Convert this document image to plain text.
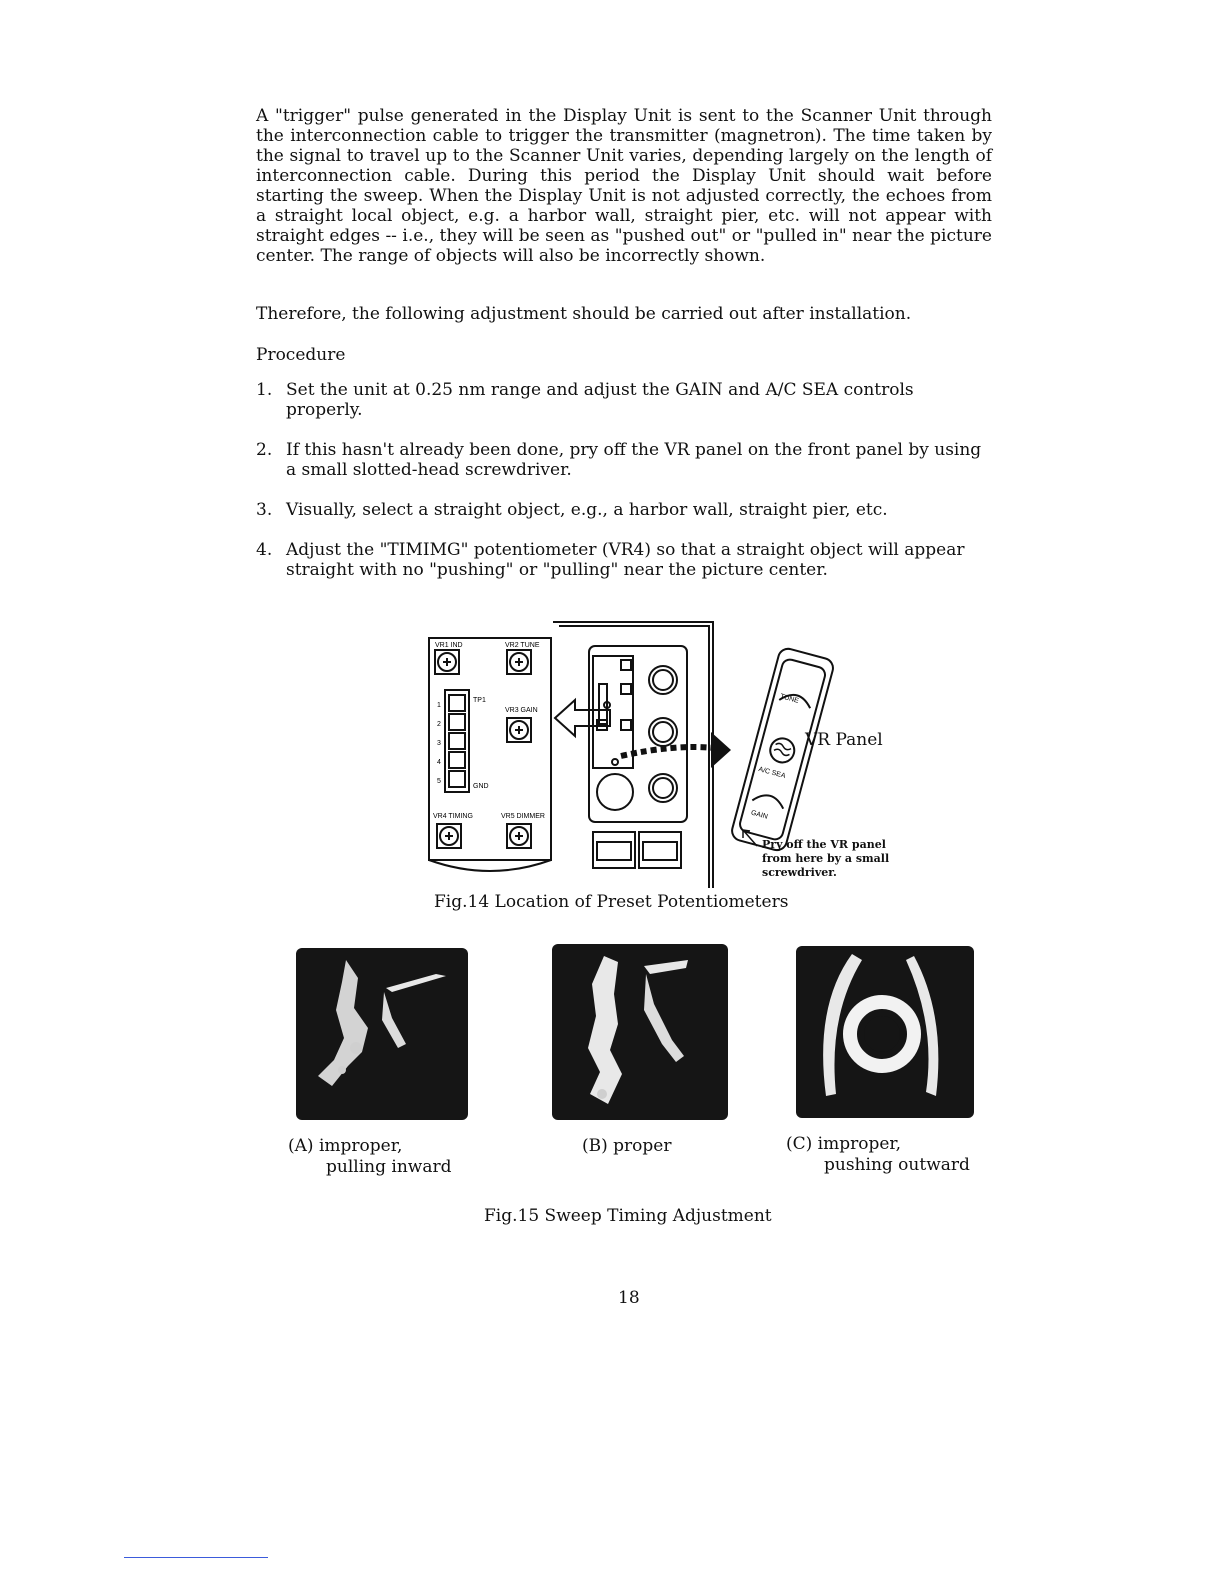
A "trigger" pulse generated in the Display Unit is sent to the Scanner Unit through the interconnection cable to trigger the transmitter (magnetron). The time taken by the signal to travel up to the Scanner Unit varies, depending largely on the length of interconnection cable. During this period the Display Unit should wait before starting the sweep. When the Display Unit is not adjusted correctly, the echoes from a straight local object, e.g. a harbor wall, straight pier, etc. will not appear with straight edges -- i.e., they will be seen as "pushed out" or "pulled in" near the picture center. The range of objects will also be incorrectly shown.
Therefore, the following adjustment should be carried out after installation.
Procedure
1. Set the unit at 0.25 nm range and adjust the GAIN and A/C SEA controls properly.
2. If this hasn't already been done, pry off the VR panel on the front panel by using a small slotted-head screwdriver.
3. Visually, select a straight object, e.g., a harbor wall, straight pier, etc.
4. Adjust the "TIMIMG" potentiometer (VR4) so that a straight object will appear straight with no "pushing" or "pulling" near the picture center.
VR1 IND	VR2 TUNE
TP1
GND
1
2
3
4
5
VR3 GAIN
VR4 TIMING	VR5 DIMMER
TUNE
A/C SEA
GAIN
VR Panel
Pry off the VR panel
from here by a small
screwdriver.
Fig.14 Location of Preset Potentiometers
(A) improper,
pulling inward
(B) proper	(C) improper,
pushing outward
Fig.15 Sweep Timing Adjustment
18
